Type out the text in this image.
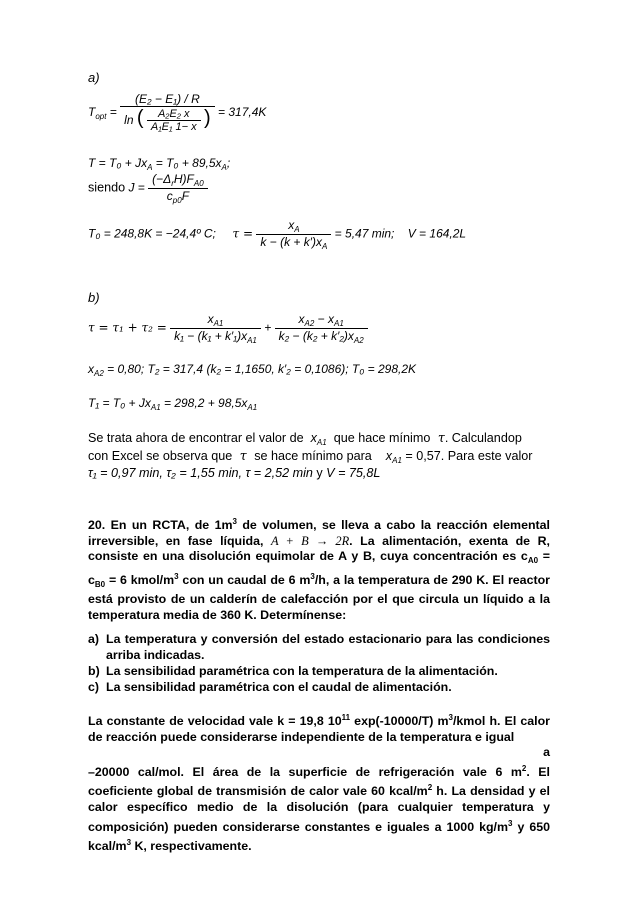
a)
$T_{opt}$ =
(E₂ − E₁) / R
ln ( $\frac{\text{A₂E₂ x}}{\text{A₁E₁ 1− x}}$ ) = 317,4K
$T = T_0 + Jx_A = T_0 + 89,5x_A$;
siendo $J = \frac{(-\Delta_rH)F_{A0}}{c_{p0}F}$
T₀ = 248,8K = −24,4º C; $\tau = \frac{x_A}{k - (k + k')x_A} = 5,47$ min; V = 164,2L
b)
$\tau = \tau_1 + \tau_2 = \frac{x_{A1}}{k_1 - (k_1 + k'_1)x_{A1}} + \frac{x_{A2} - x_{A1}}{k_2 - (k_2 + k'_2)x_{A2}}$
$x_{A2} = 0,80$; T₂ = 317,4 (k₂ = 1,1650, k′₂ = 0,1086); T₀ = 298,2K
$T_1 = T_0 + Jx_{A1} = 298,2 + 98,5x_{A1}$
Se trata ahora de encontrar el valor de  $x_{A1}$ que hace mínimo  τ. Calculandop
con Excel se observa que  τ  se hace mínimo para    $x_{A1} = 0,57$. Para este valor
τ₁ = 0,97 min, τ₂ = 1,55 min, τ = 2,52 min y V = 75,8L

20. En un RCTA, de $1m^3$ de volumen, se lleva a cabo la reacción elemental irreversible, en fase líquida, A + B → 2R. La alimentación, exenta de R, consiste en una disolución equimolar de A y B, cuya concentración es $c_{A0} = c_{B0} = 6$ kmol/$m^3$ con un caudal de 6 $m^3/h$, a la temperatura de 290 K. El reactor está provisto de un calderín de calefacción por el que circula un líquido a la temperatura media de 360 K. Determínense:

a) La temperatura y conversión del estado estacionario para las condiciones arriba indicadas.
b) La sensibilidad paramétrica con la temperatura de la alimentación.
c) La sensibilidad paramétrica con el caudal de alimentación.

La constante de velocidad vale k = 19,8 $10^{11}$ exp(-10000/T) $m^3$/kmol h. El calor de reacción puede considerarse independiente de la temperatura e igual

a

–20000 cal/mol. El área de la superficie de refrigeración vale 6 $m^2$. El coeficiente global de transmisión de calor vale 60 kcal/$m^2$ h. La densidad y el calor específico medio de la disolución (para cualquier temperatura y composición) pueden considerarse constantes e iguales a 1000 $kg/m^3$ y 650 kcal/$m^3$ K, respectivamente.
